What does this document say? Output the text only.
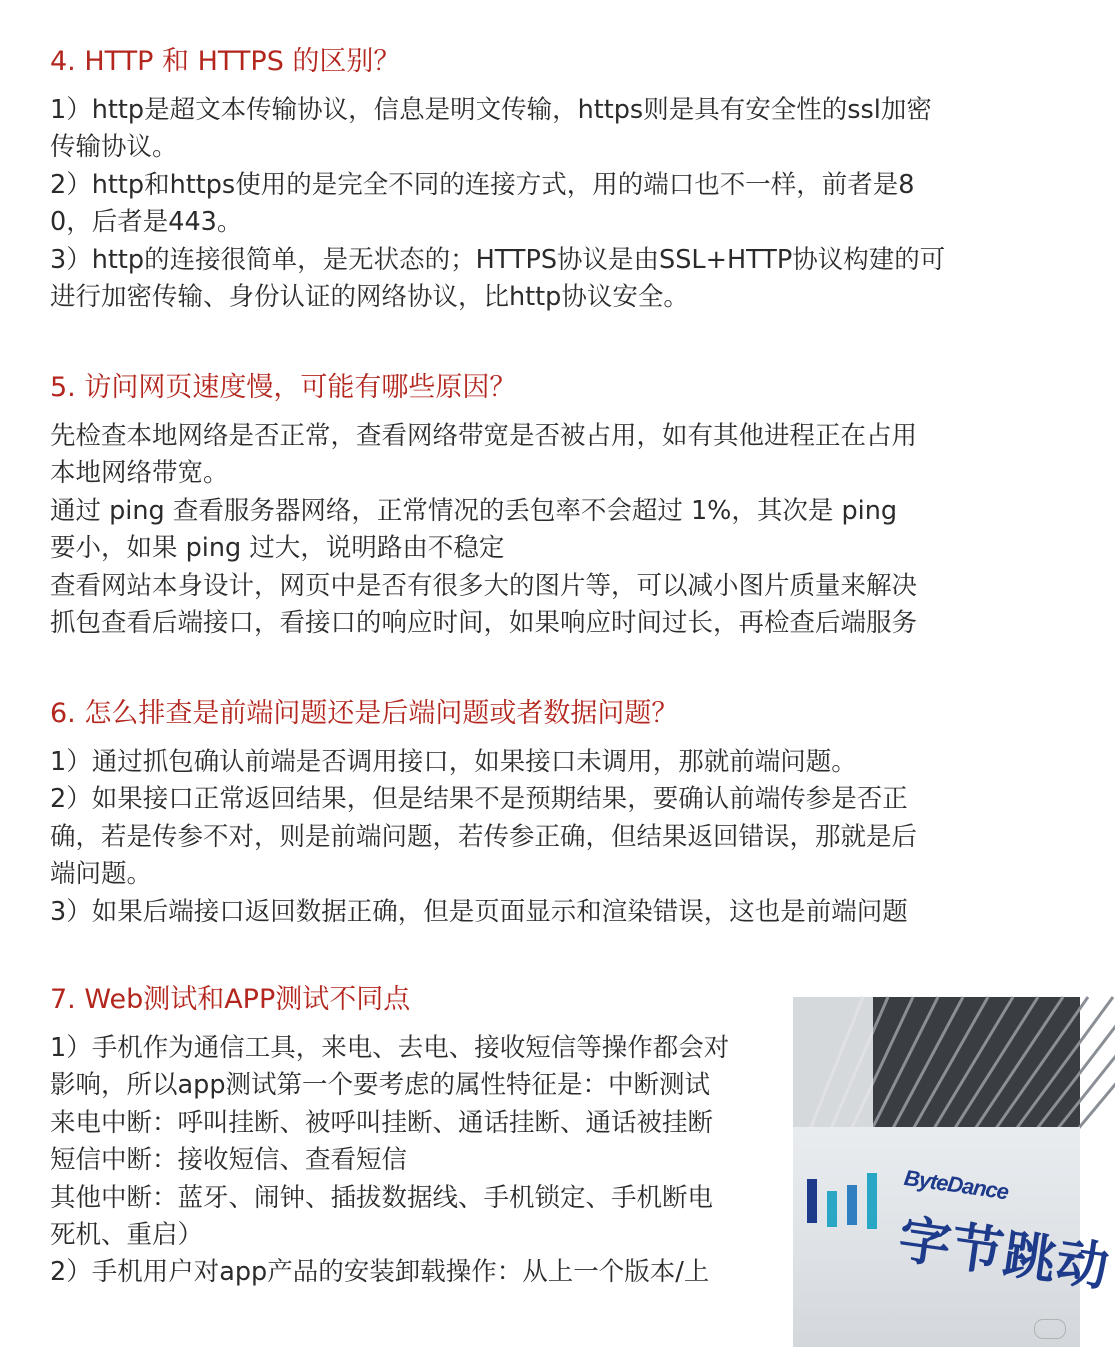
4. HTTP 和 HTTPS 的区别？

1）http是超文本传输协议，信息是明文传输，https则是具有安全性的ssl加密

传输协议。

2）http和https使用的是完全不同的连接方式，用的端口也不一样，前者是8

0，后者是443。

3）http的连接很简单，是无状态的；HTTPS协议是由SSL+HTTP协议构建的可

进行加密传输、身份认证的网络协议，比http协议安全。

5. 访问网页速度慢，可能有哪些原因？

先检查本地网络是否正常，查看网络带宽是否被占用，如有其他进程正在占用

本地网络带宽。

通过 ping 查看服务器网络，正常情况的丢包率不会超过 1%，其次是 ping

要小，如果 ping 过大，说明路由不稳定

查看网站本身设计，网页中是否有很多大的图片等，可以减小图片质量来解决

抓包查看后端接口，看接口的响应时间，如果响应时间过长，再检查后端服务

6. 怎么排查是前端问题还是后端问题或者数据问题？

1）通过抓包确认前端是否调用接口，如果接口未调用，那就前端问题。

2）如果接口正常返回结果，但是结果不是预期结果，要确认前端传参是否正

确，若是传参不对，则是前端问题，若传参正确，但结果返回错误，那就是后

端问题。

3）如果后端接口返回数据正确，但是页面显示和渲染错误，这也是前端问题

7. Web测试和APP测试不同点

1）手机作为通信工具，来电、去电、接收短信等操作都会对

影响，所以app测试第一个要考虑的属性特征是：中断测试

来电中断：呼叫挂断、被呼叫挂断、通话挂断、通话被挂断

短信中断：接收短信、查看短信

其他中断：蓝牙、闹钟、插拔数据线、手机锁定、手机断电

死机、重启）

2）手机用户对app产品的安装卸载操作：从上一个版本/上

ByteDance
字节跳动
